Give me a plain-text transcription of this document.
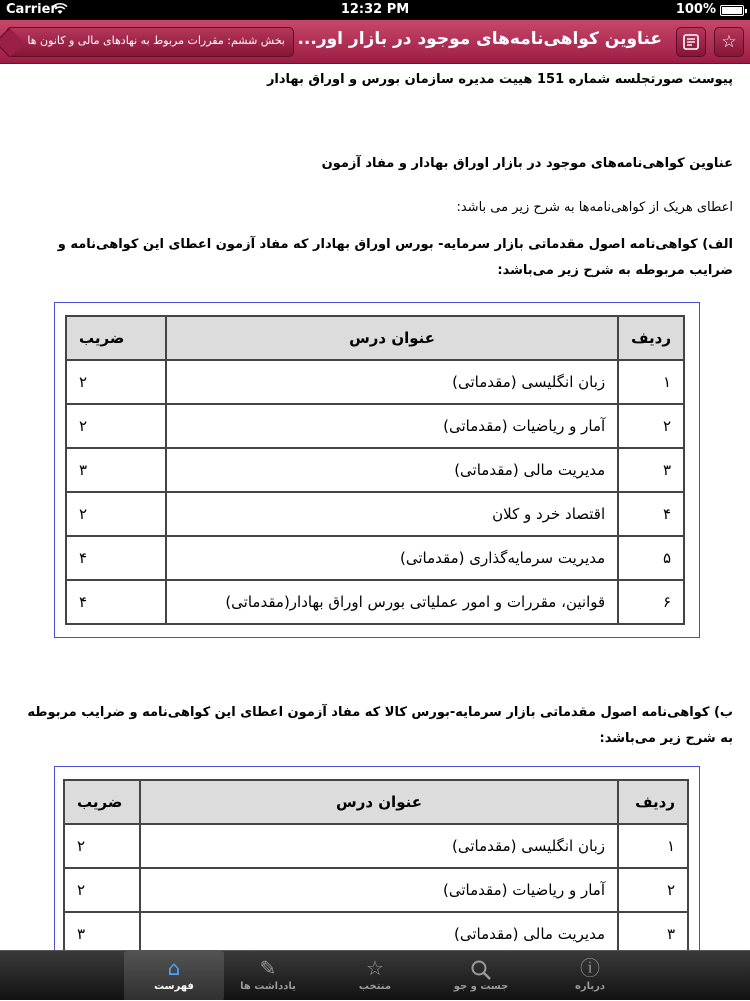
Carrier	12:32 PM	100%
بخش ششم: مقررات مربوط به نهادهای مالی و کانون ها عناوین کواهی‌نامه‌های موجود در بازار اور...	☆
پیوست صورتجلسه شماره 151 هییت مدیره سازمان بورس و اوراق بهادار
عناوین کواهی‌نامه‌های موجود در بازار اوراق بهادار و مفاد آزمون
اعطای هریک از کواهی‌نامه‌ها به شرح زیر می باشد:
الف) کواهی‌نامه اصول مقدماتی بازار سرمایه- بورس اوراق بهادار که مفاد آزمون اعطای این کواهی‌نامه و ضرایب مربوطه به شرح زیر می‌باشد:
ردیف	عنوان درس	ضریب
۱	زبان انگلیسی (مقدماتی)	۲
۲	آمار و ریاضیات (مقدماتی)	۲
۳	مدیریت مالی (مقدماتی)	۳
۴	اقتصاد خرد و کلان	۲
۵	مدیریت سرمایه‌گذاری (مقدماتی)	۴
۶	قوانین، مقررات و امور عملیاتی بورس اوراق بهادار(مقدماتی)	۴
ب) کواهی‌نامه اصول مقدماتی بازار سرمایه-بورس کالا که مفاد آزمون اعطای این کواهی‌نامه و ضرایب مربوطه به شرح زیر می‌باشد:
ردیف	عنوان درس	ضریب
۱	زبان انگلیسی (مقدماتی)	۲
۲	آمار و ریاضیات (مقدماتی)	۲
۳	مدیریت مالی (مقدماتی)	۳
⌂
فهرست
✎
یادداشت ها
☆
منتخب	جست و جو
ⓘ
درباره
